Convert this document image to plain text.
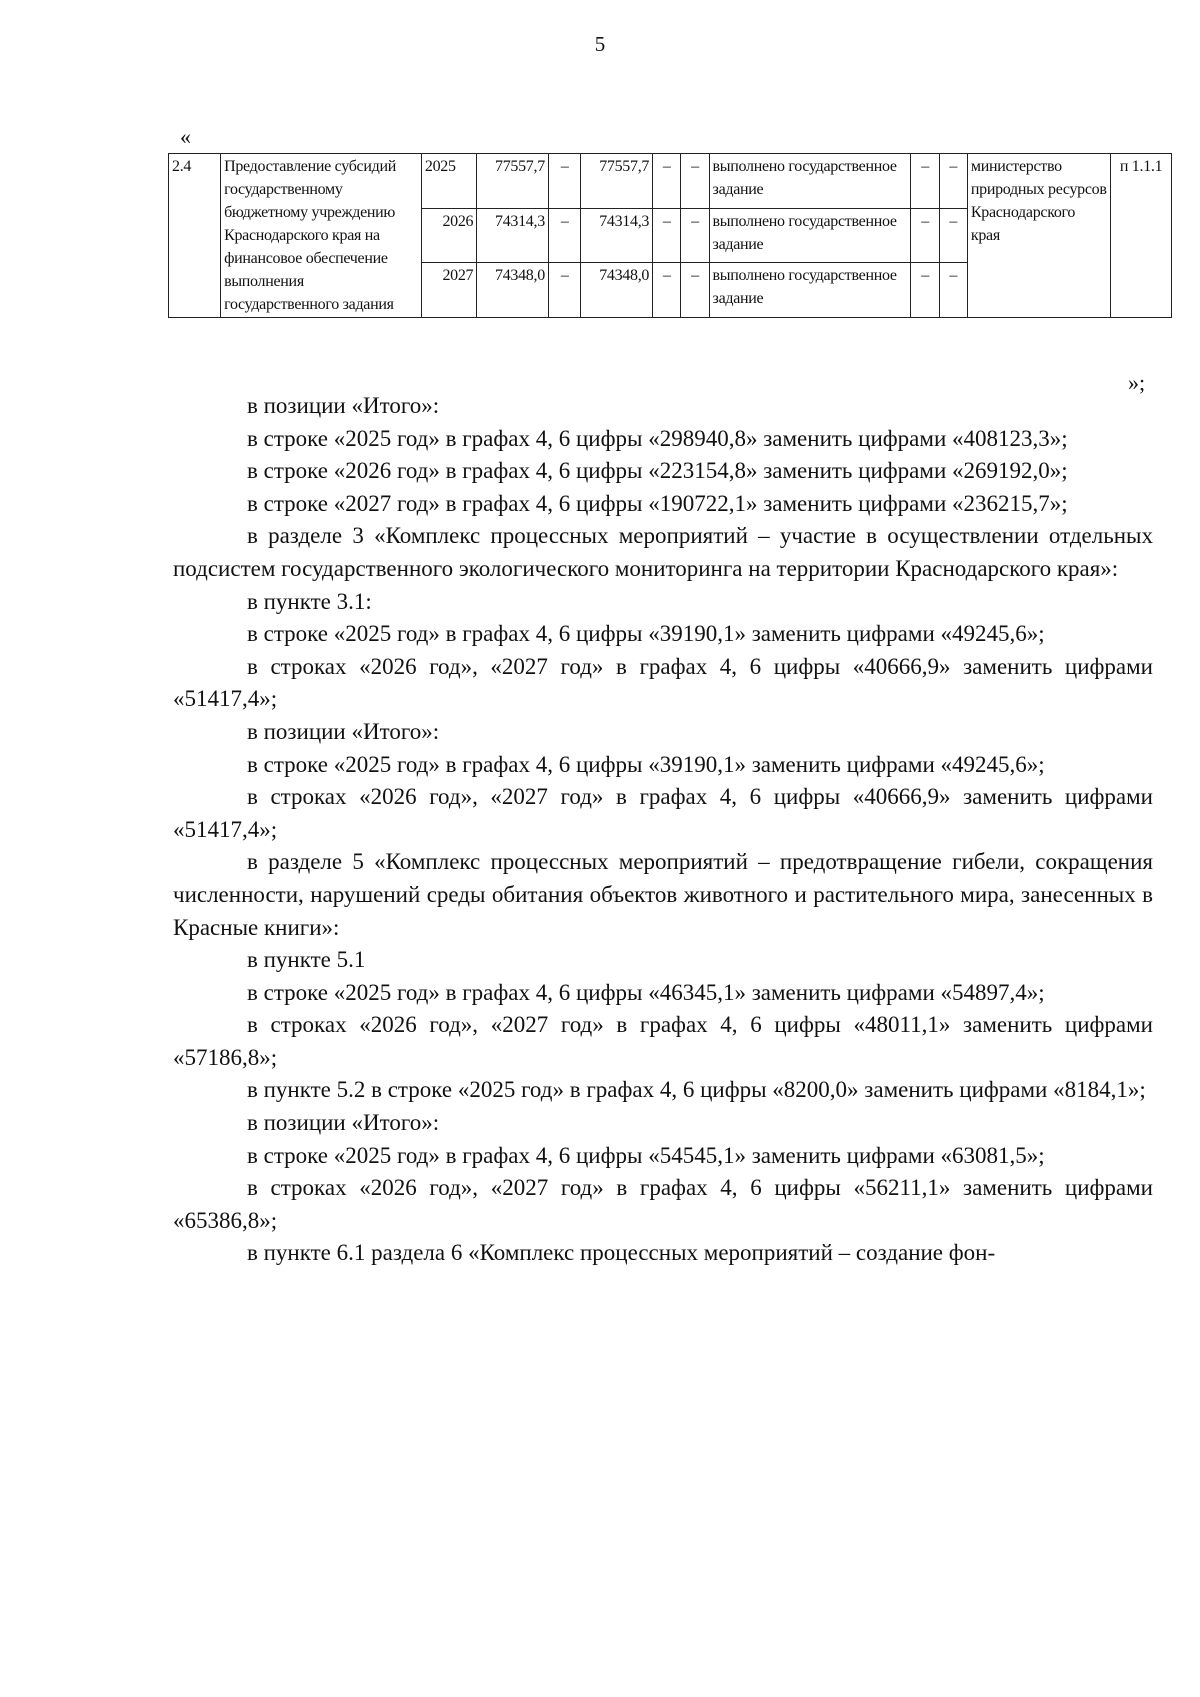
5
«
2.4	Предоставление субсидий государственному бюджетному учреждению Краснодарского края на финансовое обеспечение выполнения государственного задания	2025	77557,7	–	77557,7	–	–	выполнено государственное задание	–	–	министерство природных ресурсов Краснодарского края	п 1.1.1
		2026	74314,3	–	74314,3	–	–	выполнено государственное задание	–	–		
		2027	74348,0	–	74348,0	–	–	выполнено государственное задание	–	–		
»;

в позиции «Итого»:

в строке «2025 год» в графах 4, 6 цифры «298940,8» заменить цифрами «408123,3»;

в строке «2026 год» в графах 4, 6 цифры «223154,8» заменить цифрами «269192,0»;

в строке «2027 год» в графах 4, 6 цифры «190722,1» заменить цифрами «236215,7»;

в разделе 3 «Комплекс процессных мероприятий – участие в осуществлении отдельных подсистем государственного экологического мониторинга на территории Краснодарского края»:

в пункте 3.1:

в строке «2025 год» в графах 4, 6 цифры «39190,1» заменить цифрами «49245,6»;

в строках «2026 год», «2027 год» в графах 4, 6 цифры «40666,9» заменить цифрами «51417,4»;

в позиции «Итого»:

в строке «2025 год» в графах 4, 6 цифры «39190,1» заменить цифрами «49245,6»;

в строках «2026 год», «2027 год» в графах 4, 6 цифры «40666,9» заменить цифрами «51417,4»;

в разделе 5 «Комплекс процессных мероприятий – предотвращение гибели, сокращения численности, нарушений среды обитания объектов животного и растительного мира, занесенных в Красные книги»:

в пункте 5.1

в строке «2025 год» в графах 4, 6 цифры «46345,1» заменить цифрами «54897,4»;

в строках «2026 год», «2027 год» в графах 4, 6 цифры «48011,1» заменить цифрами «57186,8»;

в пункте 5.2 в строке «2025 год» в графах 4, 6 цифры «8200,0» заменить цифрами «8184,1»;

в позиции «Итого»:

в строке «2025 год» в графах 4, 6 цифры «54545,1» заменить цифрами «63081,5»;

в строках «2026 год», «2027 год» в графах 4, 6 цифры «56211,1» заменить цифрами «65386,8»;

в пункте 6.1 раздела 6 «Комплекс процессных мероприятий – создание фон-
